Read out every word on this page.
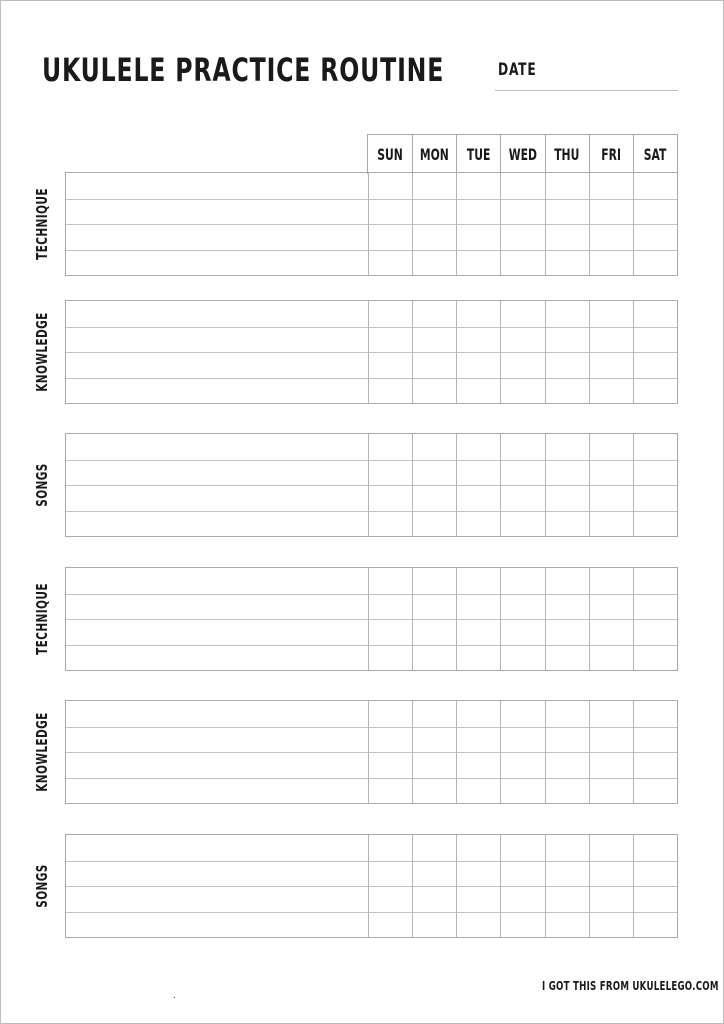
UKULELE PRACTICE ROUTINE	DATE
SUN MON TUE WED THU FRI SAT
TECHNIQUE
KNOWLEDGE
SONGS
TECHNIQUE
KNOWLEDGE
SONGS
.
I GOT THIS FROM UKULELEGO.COM
